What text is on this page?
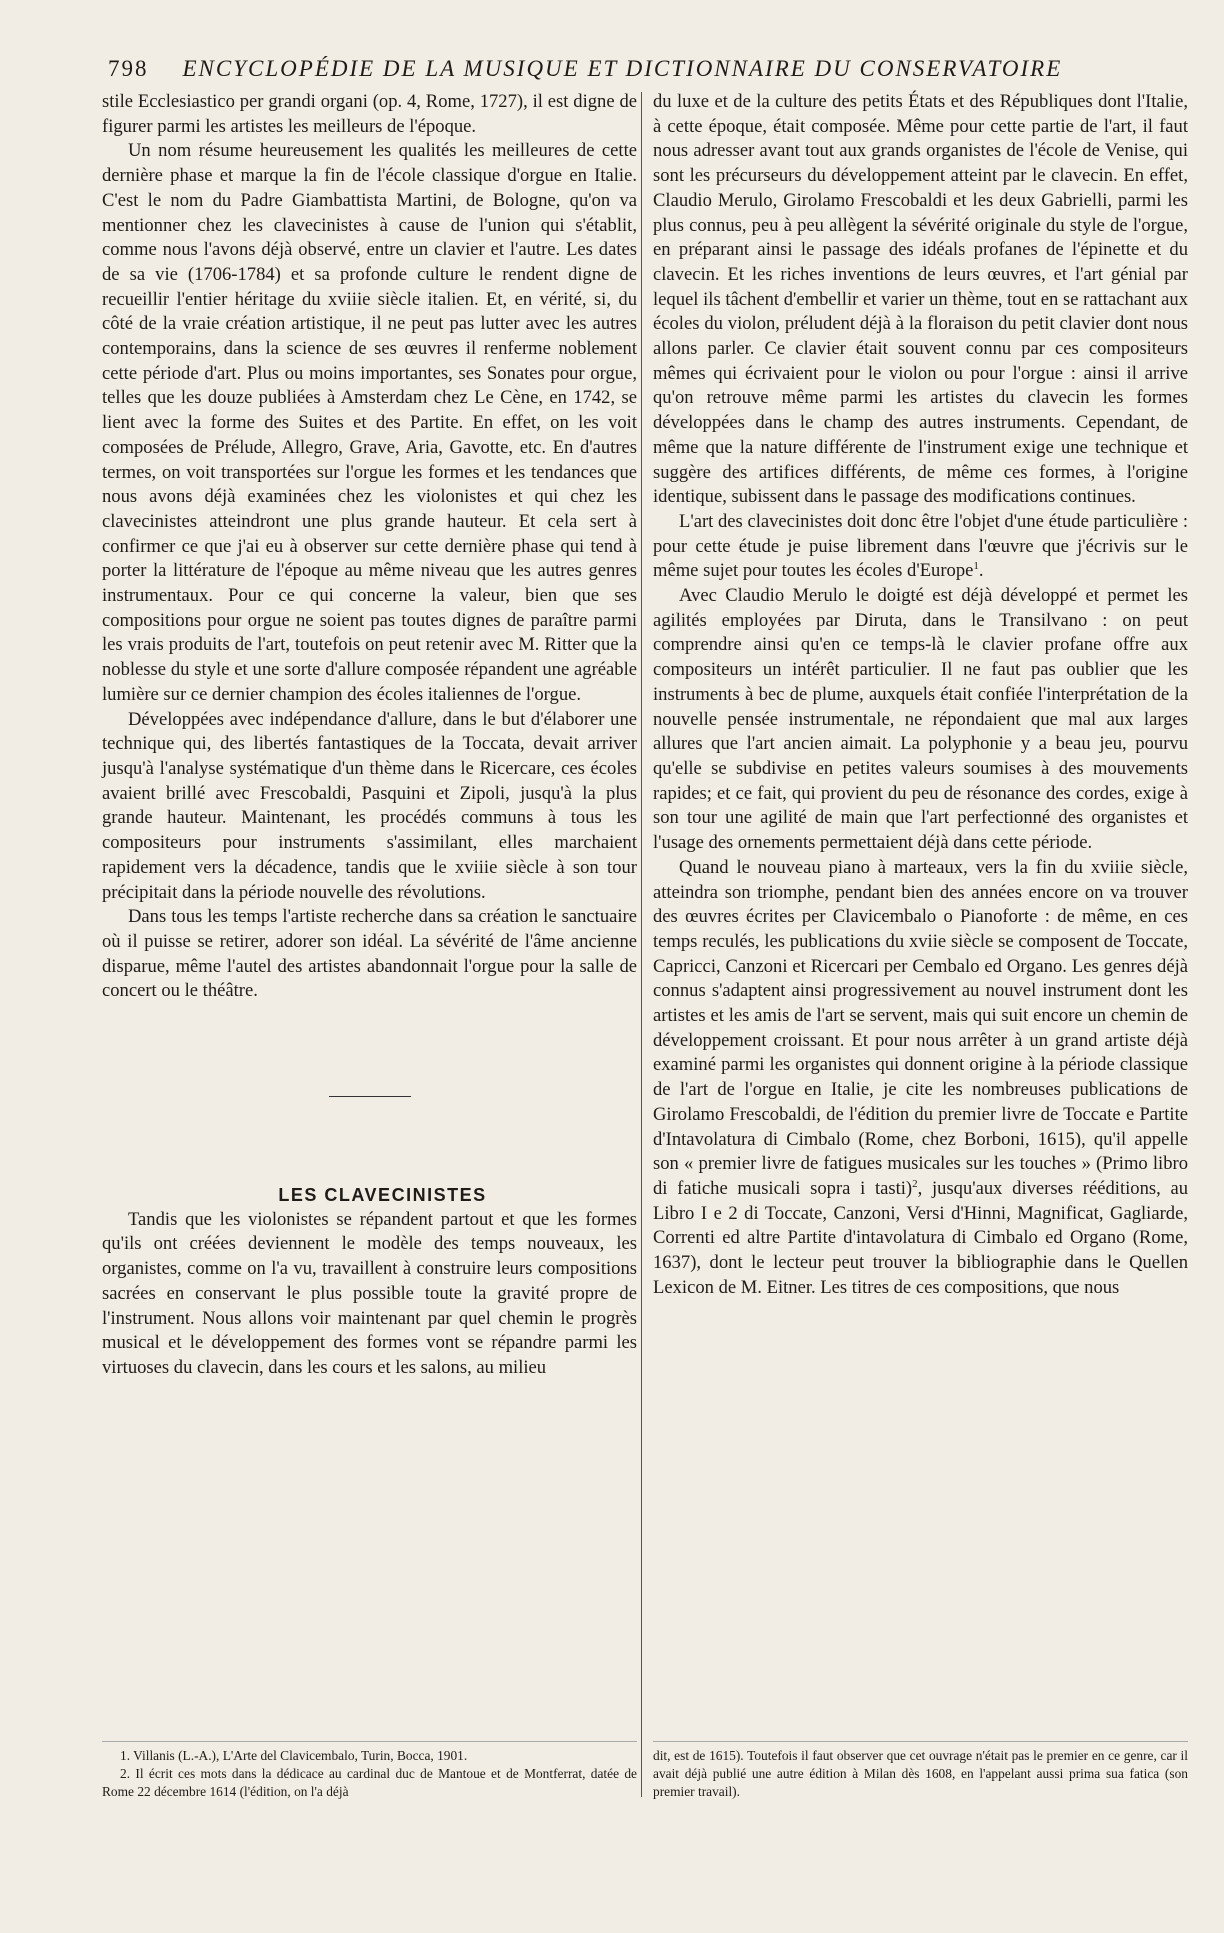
798 ENCYCLOPÉDIE DE LA MUSIQUE ET DICTIONNAIRE DU CONSERVATOIRE

stile Ecclesiastico per grandi organi (op. 4, Rome, 1727), il est digne de figurer parmi les artistes les meilleurs de l'époque.

Un nom résume heureusement les qualités les meilleures de cette dernière phase et marque la fin de l'école classique d'orgue en Italie. C'est le nom du Padre Giambattista Martini, de Bologne, qu'on va mentionner chez les clavecinistes à cause de l'union qui s'établit, comme nous l'avons déjà observé, entre un clavier et l'autre. Les dates de sa vie (1706-1784) et sa profonde culture le rendent digne de recueillir l'entier héritage du xviiie siècle italien. Et, en vérité, si, du côté de la vraie création artistique, il ne peut pas lutter avec les autres contemporains, dans la science de ses œuvres il renferme noblement cette période d'art. Plus ou moins importantes, ses Sonates pour orgue, telles que les douze publiées à Amsterdam chez Le Cène, en 1742, se lient avec la forme des Suites et des Partite. En effet, on les voit composées de Prélude, Allegro, Grave, Aria, Gavotte, etc. En d'autres termes, on voit transportées sur l'orgue les formes et les tendances que nous avons déjà examinées chez les violonistes et qui chez les clavecinistes atteindront une plus grande hauteur. Et cela sert à confirmer ce que j'ai eu à observer sur cette dernière phase qui tend à porter la littérature de l'époque au même niveau que les autres genres instrumentaux. Pour ce qui concerne la valeur, bien que ses compositions pour orgue ne soient pas toutes dignes de paraître parmi les vrais produits de l'art, toutefois on peut retenir avec M. Ritter que la noblesse du style et une sorte d'allure composée répandent une agréable lumière sur ce dernier champion des écoles italiennes de l'orgue.

Développées avec indépendance d'allure, dans le but d'élaborer une technique qui, des libertés fantastiques de la Toccata, devait arriver jusqu'à l'analyse systématique d'un thème dans le Ricercare, ces écoles avaient brillé avec Frescobaldi, Pasquini et Zipoli, jusqu'à la plus grande hauteur. Maintenant, les procédés communs à tous les compositeurs pour instruments s'assimilant, elles marchaient rapidement vers la décadence, tandis que le xviiie siècle à son tour précipitait dans la période nouvelle des révolutions.

Dans tous les temps l'artiste recherche dans sa création le sanctuaire où il puisse se retirer, adorer son idéal. La sévérité de l'âme ancienne disparue, même l'autel des artistes abandonnait l'orgue pour la salle de concert ou le théâtre.

LES CLAVECINISTES

Tandis que les violonistes se répandent partout et que les formes qu'ils ont créées deviennent le modèle des temps nouveaux, les organistes, comme on l'a vu, travaillent à construire leurs compositions sacrées en conservant le plus possible toute la gravité propre de l'instrument. Nous allons voir maintenant par quel chemin le progrès musical et le développement des formes vont se répandre parmi les virtuoses du clavecin, dans les cours et les salons, au milieu

du luxe et de la culture des petits États et des Républiques dont l'Italie, à cette époque, était composée. Même pour cette partie de l'art, il faut nous adresser avant tout aux grands organistes de l'école de Venise, qui sont les précurseurs du développement atteint par le clavecin. En effet, Claudio Merulo, Girolamo Frescobaldi et les deux Gabrielli, parmi les plus connus, peu à peu allègent la sévérité originale du style de l'orgue, en préparant ainsi le passage des idéals profanes de l'épinette et du clavecin. Et les riches inventions de leurs œuvres, et l'art génial par lequel ils tâchent d'embellir et varier un thème, tout en se rattachant aux écoles du violon, préludent déjà à la floraison du petit clavier dont nous allons parler. Ce clavier était souvent connu par ces compositeurs mêmes qui écrivaient pour le violon ou pour l'orgue : ainsi il arrive qu'on retrouve même parmi les artistes du clavecin les formes développées dans le champ des autres instruments. Cependant, de même que la nature différente de l'instrument exige une technique et suggère des artifices différents, de même ces formes, à l'origine identique, subissent dans le passage des modifications continues.

L'art des clavecinistes doit donc être l'objet d'une étude particulière : pour cette étude je puise librement dans l'œuvre que j'écrivis sur le même sujet pour toutes les écoles d'Europe$^1$.

Avec Claudio Merulo le doigté est déjà développé et permet les agilités employées par Diruta, dans le Transilvano : on peut comprendre ainsi qu'en ce temps-là le clavier profane offre aux compositeurs un intérêt particulier. Il ne faut pas oublier que les instruments à bec de plume, auxquels était confiée l'interprétation de la nouvelle pensée instrumentale, ne répondaient que mal aux larges allures que l'art ancien aimait. La polyphonie y a beau jeu, pourvu qu'elle se subdivise en petites valeurs soumises à des mouvements rapides; et ce fait, qui provient du peu de résonance des cordes, exige à son tour une agilité de main que l'art perfectionné des organistes et l'usage des ornements permettaient déjà dans cette période.

Quand le nouveau piano à marteaux, vers la fin du xviiie siècle, atteindra son triomphe, pendant bien des années encore on va trouver des œuvres écrites per Clavicembalo o Pianoforte : de même, en ces temps reculés, les publications du xviie siècle se composent de Toccate, Capricci, Canzoni et Ricercari per Cembalo ed Organo. Les genres déjà connus s'adaptent ainsi progressivement au nouvel instrument dont les artistes et les amis de l'art se servent, mais qui suit encore un chemin de développement croissant. Et pour nous arrêter à un grand artiste déjà examiné parmi les organistes qui donnent origine à la période classique de l'art de l'orgue en Italie, je cite les nombreuses publications de Girolamo Frescobaldi, de l'édition du premier livre de Toccate e Partite d'Intavolatura di Cimbalo (Rome, chez Borboni, 1615), qu'il appelle son « premier livre de fatigues musicales sur les touches » (Primo libro di fatiche musicali sopra i tasti)$^2$, jusqu'aux diverses rééditions, au Libro I e 2 di Toccate, Canzoni, Versi d'Hinni, Magnificat, Gagliarde, Correnti ed altre Partite d'intavolatura di Cimbalo ed Organo (Rome, 1637), dont le lecteur peut trouver la bibliographie dans le Quellen Lexicon de M. Eitner. Les titres de ces compositions, que nous

1. Villanis (L.-A.), L'Arte del Clavicembalo, Turin, Bocca, 1901.

2. Il écrit ces mots dans la dédicace au cardinal duc de Mantoue et de Montferrat, datée de Rome 22 décembre 1614 (l'édition, on l'a déjà

dit, est de 1615). Toutefois il faut observer que cet ouvrage n'était pas le premier en ce genre, car il avait déjà publié une autre édition à Milan dès 1608, en l'appelant aussi prima sua fatica (son premier travail).
